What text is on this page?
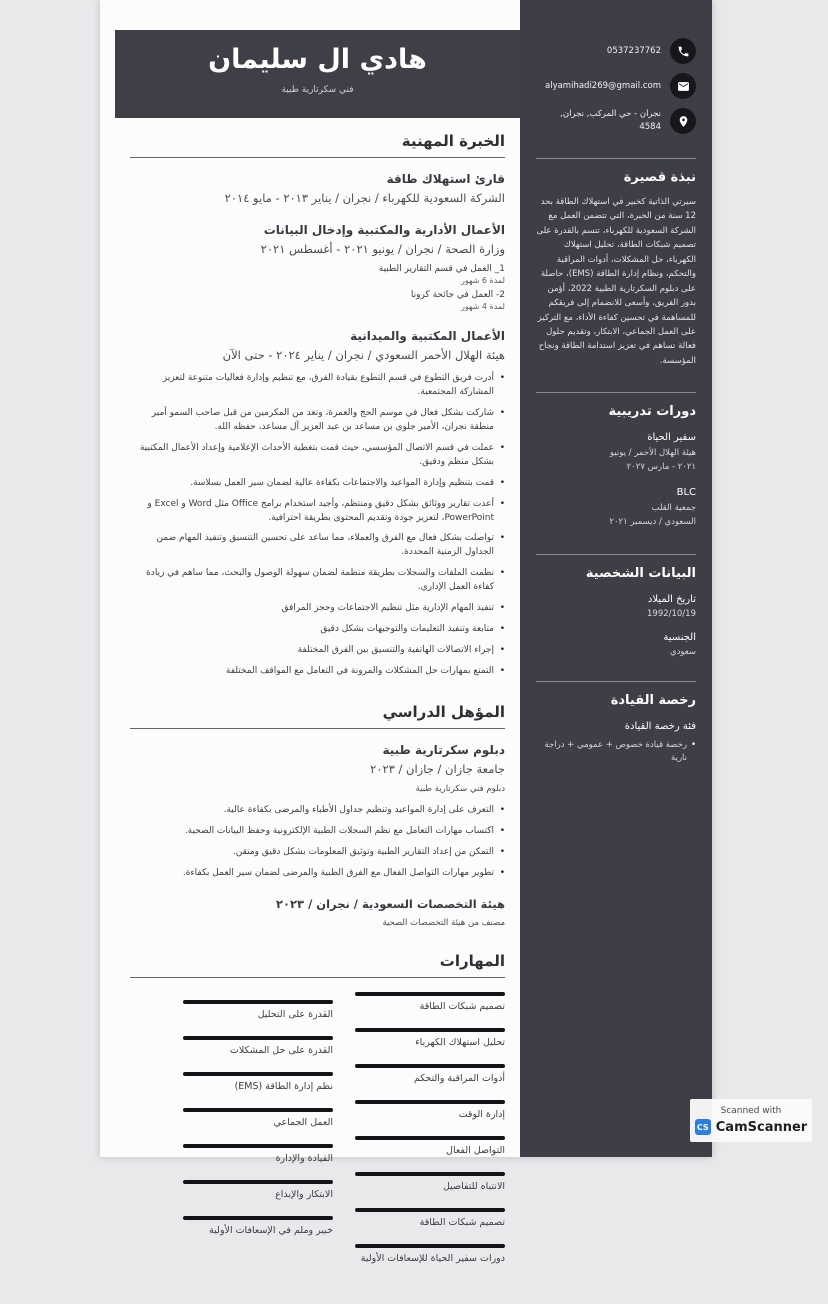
هادي ال سليمان
فني سكرتارية طبية
الخبرة المهنية
قارئ استهلاك طاقة
الشركة السعودية للكهرباء / نجران / يناير ٢٠١٣ - مايو ٢٠١٤
الأعمال الأدارية والمكتبية وإدخال البيانات
وزارة الصحة / نجران / يونيو ٢٠٢١ - أغسطس ٢٠٢١
1_ العمل في قسم التقارير الطبية
لمدة 6 شهور
2- العمل في جائحة كرونا
لمدة 4 شهور
الأعمال المكتبية والميدانية
هيئة الهلال الأحمر السعودي / نجران / يناير ٢٠٢٤ - حتى الآن
• أدرت فريق التطوع في قسم التطوع بقيادة الفرق، مع تنظيم وإدارة فعاليات متنوعة لتعزيز المشاركة المجتمعية.
• شاركت بشكل فعال في موسم الحج والعمرة، وتعد من المكرمين من قبل صاحب السمو أمير منطقة نجران، الأمير جلوي بن مساعد بن عبد العزيز آل مساعد، حفظه الله.
• عملت في قسم الاتصال المؤسسي، حيث قمت بتغطية الأحداث الإعلامية وإعداد الأعمال المكتبية بشكل منظم ودقيق.
• قمت بتنظيم وإدارة المواعيد والاجتماعات بكفاءة عالية لضمان سير العمل بسلاسة.
• أعدت تقارير ووثائق بشكل دقيق ومنتظم، وأجيد استخدام برامج Office مثل Word و Excel و PowerPoint، لتعزيز جودة وتقديم المحتوى بطريقة احترافية.
• تواصلت بشكل فعال مع الفرق والعملاء، مما ساعد على تحسين التنسيق وتنفيذ المهام ضمن الجداول الزمنية المحددة.
• نظمت الملفات والسجلات بطريقة منظمة لضمان سهولة الوصول والبحث، مما ساهم في زيادة كفاءة العمل الإداري.
• تنفيذ المهام الإدارية مثل تنظيم الاجتماعات وحجز المرافق
• متابعة وتنفيذ التعليمات والتوجيهات بشكل دقيق
• إجراء الاتصالات الهاتفية والتنسيق بين الفرق المختلفة
• التمتع بمهارات حل المشكلات والمرونة في التعامل مع المواقف المختلفة
المؤهل الدراسي
دبلوم سكرتارية طبية
جامعة جازان / جازان / ٢٠٢٣
دبلوم فني سكرتارية طبية
• التعرف على إدارة المواعيد وتنظيم جداول الأطباء والمرضى بكفاءة عالية.
• اكتساب مهارات التعامل مع نظم السجلات الطبية الإلكترونية وحفظ البيانات الصحية.
• التمكن من إعداد التقارير الطبية وتوثيق المعلومات بشكل دقيق ومتقن.
• تطوير مهارات التواصل الفعال مع الفرق الطبية والمرضى لضمان سير العمل بكفاءة.
هيئة التخصصات السعودية / نجران / ٢٠٢٣
مصنف من هيئة التخصصات الصحية
المهارات
تصميم شبكات الطاقة
تحليل استهلاك الكهرباء
أدوات المراقبة والتحكم
إدارة الوقت
التواصل الفعال
الانتباه للتفاصيل
تصميم شبكات الطاقة
دورات سفير الحياة للإسعافات الأولية
القدرة على التحليل
القدرة على حل المشكلات
نظم إدارة الطاقة (EMS)
العمل الجماعي
القيادة والإدارة
الابتكار والإبداع
خبير وملم في الإسعافات الأولية
0537237762
alyamihadi269@gmail.com
نجران - حي المركب, نجران,
4584
نبذة قصيرة

سيرتي الذاتية كخبير في استهلاك الطاقة بحد 12 سنة من الخبرة، التي تتضمن العمل مع الشركة السعودية للكهرباء، تتسم بالقدرة على تصميم شبكات الطاقة، تحليل استهلاك الكهرباء، حل المشكلات، أدوات المراقبة والتحكم، ونظام إدارة الطاقة (EMS)، حاصلة على دبلوم السكرتارية الطبية 2022، أؤمن بدور الفريق، وأسعى للانضمام إلى فريقكم للمساهمة في تحسين كفاءة الأداء، مع التركيز على العمل الجماعي، الابتكار، وتقديم حلول فعالة تساهم في تعزيز استدامة الطاقة ونجاح المؤسسة.

دورات تدريبية
سفير الحياة
هيئة الهلال الأحمر / يونيو
٢٠٢١ - مارس ٢٠٢٧
BLC
جمعية القلب
السعودي / ديسمبر ٢٠٢١
البيانات الشخصية
تاريخ الميلاد
1992/10/19
الجنسية
سعودي
رخصة القيادة
فئة رخصة القيادة
• رخصة قيادة خصوص + عمومي + دراجة نارية
Scanned with
CS CamScanner
